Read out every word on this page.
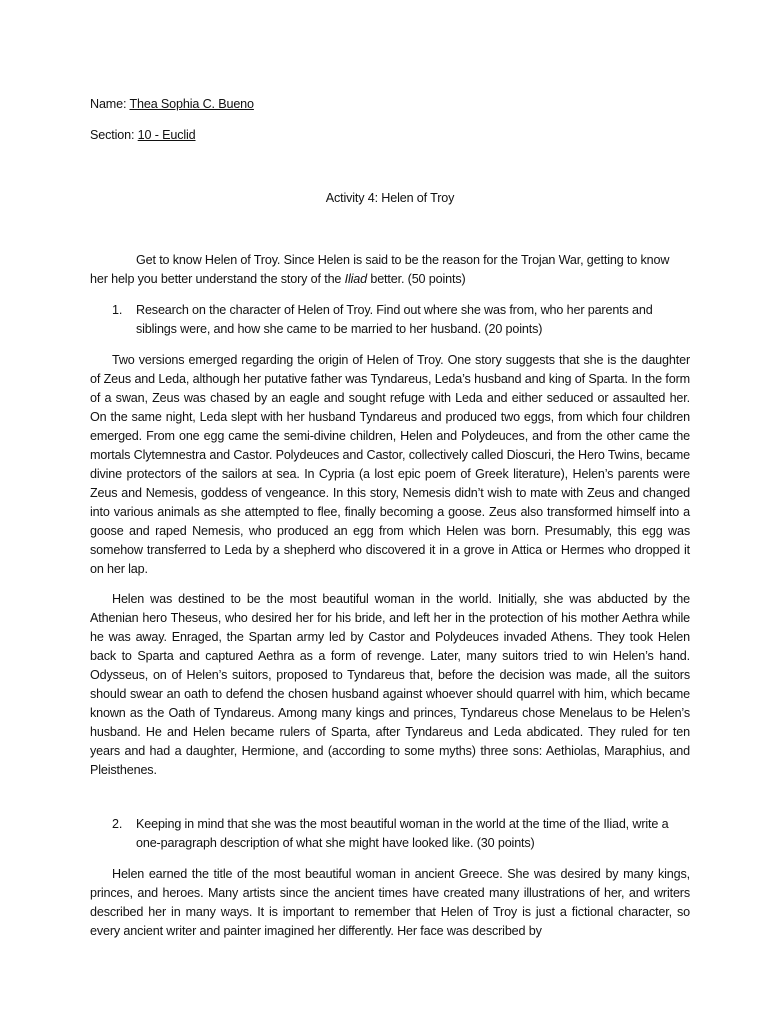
Name: Thea Sophia C. Bueno
Section: 10 - Euclid
Activity 4: Helen of Troy

Get to know Helen of Troy. Since Helen is said to be the reason for the Trojan War, getting to know her help you better understand the story of the Iliad better. (50 points)

1.	Research on the character of Helen of Troy. Find out where she was from, who her parents and siblings were, and how she came to be married to her husband. (20 points)

Two versions emerged regarding the origin of Helen of Troy. One story suggests that she is the daughter of Zeus and Leda, although her putative father was Tyndareus, Leda’s husband and king of Sparta. In the form of a swan, Zeus was chased by an eagle and sought refuge with Leda and either seduced or assaulted her. On the same night, Leda slept with her husband Tyndareus and produced two eggs, from which four children emerged. From one egg came the semi-divine children, Helen and Polydeuces, and from the other came the mortals Clytemnestra and Castor. Polydeuces and Castor, collectively called Dioscuri, the Hero Twins, became divine protectors of the sailors at sea. In Cypria (a lost epic poem of Greek literature), Helen’s parents were Zeus and Nemesis, goddess of vengeance. In this story, Nemesis didn’t wish to mate with Zeus and changed into various animals as she attempted to flee, finally becoming a goose. Zeus also transformed himself into a goose and raped Nemesis, who produced an egg from which Helen was born. Presumably, this egg was somehow transferred to Leda by a shepherd who discovered it in a grove in Attica or Hermes who dropped it on her lap.

Helen was destined to be the most beautiful woman in the world. Initially, she was abducted by the Athenian hero Theseus, who desired her for his bride, and left her in the protection of his mother Aethra while he was away. Enraged, the Spartan army led by Castor and Polydeuces invaded Athens. They took Helen back to Sparta and captured Aethra as a form of revenge. Later, many suitors tried to win Helen’s hand. Odysseus, on of Helen’s suitors, proposed to Tyndareus that, before the decision was made, all the suitors should swear an oath to defend the chosen husband against whoever should quarrel with him, which became known as the Oath of Tyndareus. Among many kings and princes, Tyndareus chose Menelaus to be Helen’s husband. He and Helen became rulers of Sparta, after Tyndareus and Leda abdicated. They ruled for ten years and had a daughter, Hermione, and (according to some myths) three sons: Aethiolas, Maraphius, and Pleisthenes.

2.	Keeping in mind that she was the most beautiful woman in the world at the time of the Iliad, write a one-paragraph description of what she might have looked like. (30 points)

Helen earned the title of the most beautiful woman in ancient Greece. She was desired by many kings, princes, and heroes. Many artists since the ancient times have created many illustrations of her, and writers described her in many ways. It is important to remember that Helen of Troy is just a fictional character, so every ancient writer and painter imagined her differently. Her face was described by
